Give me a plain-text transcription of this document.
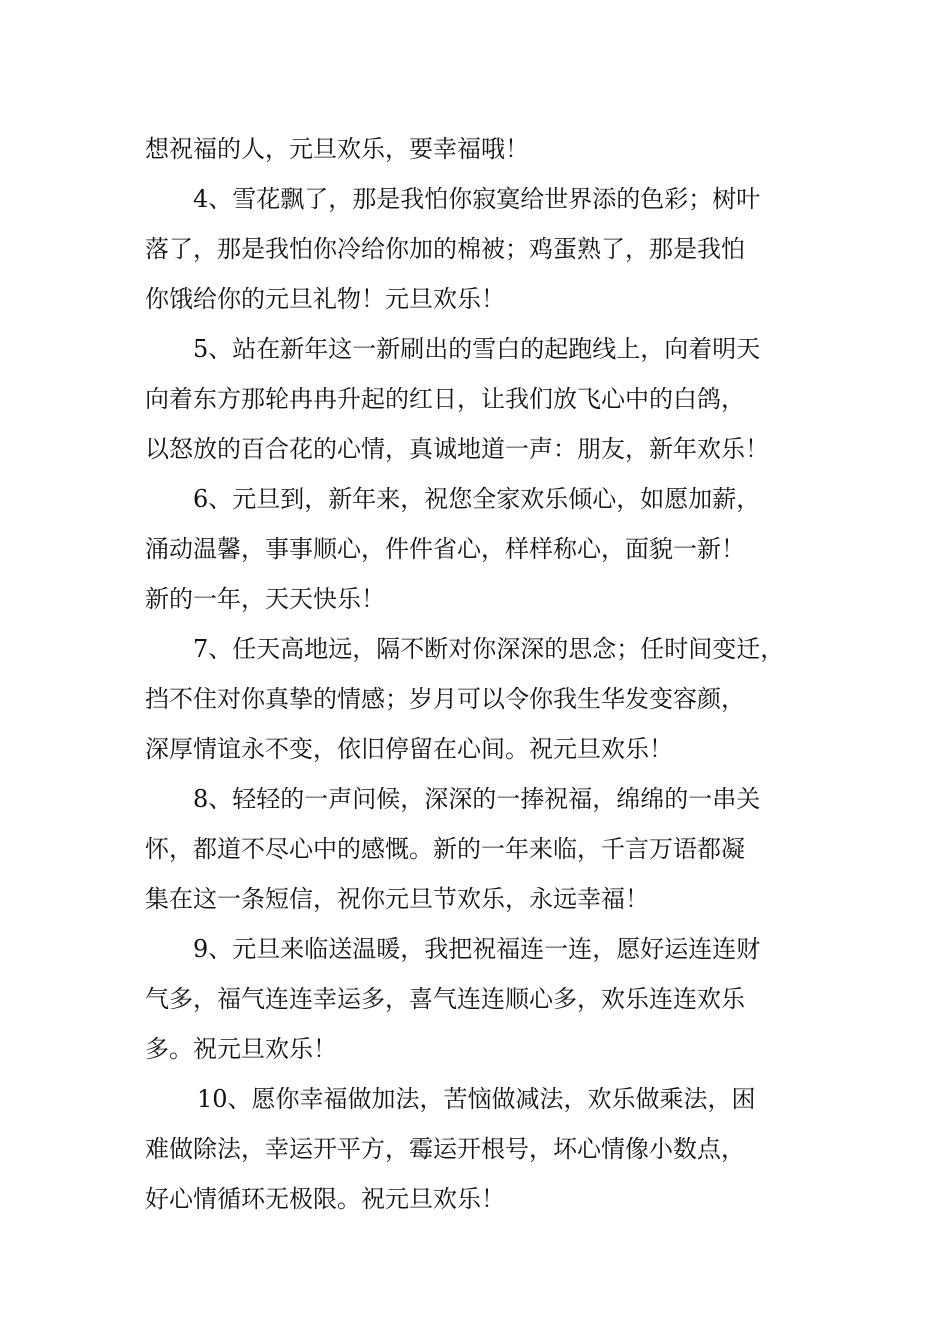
想祝福的人，元旦欢乐，要幸福哦！
4、雪花飘了，那是我怕你寂寞给世界添的色彩；树叶
落了，那是我怕你冷给你加的棉被；鸡蛋熟了，那是我怕
你饿给你的元旦礼物！元旦欢乐！
5、站在新年这一新刷出的雪白的起跑线上，向着明天
向着东方那轮冉冉升起的红日，让我们放飞心中的白鸽，
以怒放的百合花的心情，真诚地道一声：朋友，新年欢乐！
6、元旦到，新年来，祝您全家欢乐倾心，如愿加薪，
涌动温馨，事事顺心，件件省心，样样称心，面貌一新！
新的一年，天天快乐！
7、任天高地远，隔不断对你深深的思念；任时间变迁，
挡不住对你真挚的情感；岁月可以令你我生华发变容颜，
深厚情谊永不变，依旧停留在心间。祝元旦欢乐！
8、轻轻的一声问候，深深的一捧祝福，绵绵的一串关
怀，都道不尽心中的感慨。新的一年来临，千言万语都凝
集在这一条短信，祝你元旦节欢乐，永远幸福！
9、元旦来临送温暖，我把祝福连一连，愿好运连连财
气多，福气连连幸运多，喜气连连顺心多，欢乐连连欢乐
多。祝元旦欢乐！
10、愿你幸福做加法，苦恼做减法，欢乐做乘法，困
难做除法，幸运开平方，霉运开根号，坏心情像小数点，
好心情循环无极限。祝元旦欢乐！
